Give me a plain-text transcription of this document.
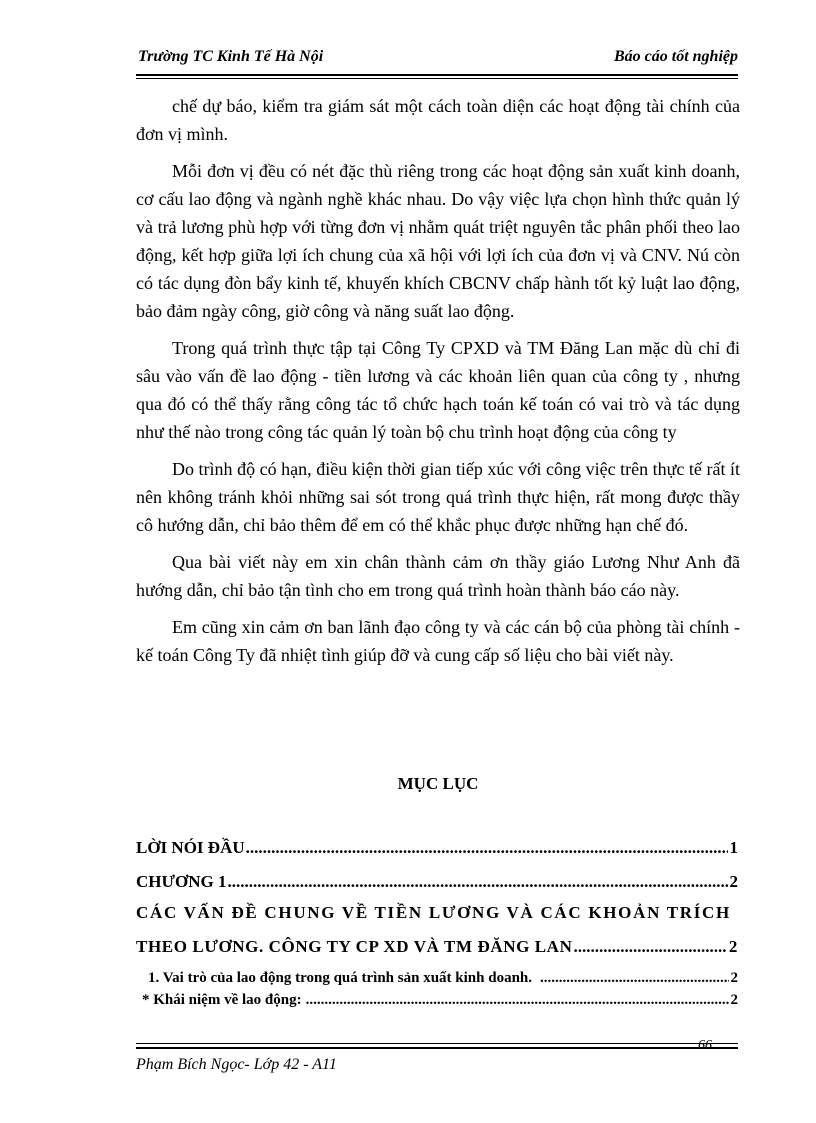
Trường TC Kinh Tế Hà Nội	Báo cáo tốt nghiệp

chế dự báo, kiểm tra giám sát một cách toàn diện các hoạt động tài chính của đơn vị mình.

Mỗi đơn vị đều có nét đặc thù riêng trong các hoạt động sản xuất kinh doanh, cơ cấu lao động và ngành nghề khác nhau. Do vậy việc lựa chọn hình thức quản lý và trả lương phù hợp với từng đơn vị nhằm quát triệt nguyên tắc phân phối theo lao động, kết hợp giữa lợi ích chung của xã hội với lợi ích của đơn vị và CNV. Nú còn có tác dụng đòn bẩy kinh tế, khuyến khích CBCNV chấp hành tốt kỷ luật lao động, bảo đảm ngày công, giờ công và năng suất lao động.

Trong quá trình thực tập tại Công Ty CPXD và TM Đăng Lan mặc dù chỉ đi sâu vào vấn đề lao động - tiền lương và các khoản liên quan của công ty , nhưng qua đó có thể thấy rằng công tác tổ chức hạch toán kế toán có vai trò và tác dụng như thế nào trong công tác quản lý toàn bộ chu trình hoạt động của công ty

Do trình độ có hạn, điều kiện thời gian tiếp xúc với công việc trên thực tế rất ít nên không tránh khỏi những sai sót trong quá trình thực hiện, rất mong được thầy cô hướng dẫn, chỉ bảo thêm để em có thể khắc phục được những hạn chế đó.

Qua bài viết này em xin chân thành cảm ơn thầy giáo Lương Như Anh đã hướng dẫn, chỉ bảo tận tình cho em trong quá trình hoàn thành báo cáo này.

Em cũng xin cảm ơn ban lãnh đạo công ty và các cán bộ của phòng tài chính - kế toán Công Ty đã nhiệt tình giúp đỡ và cung cấp số liệu cho bài viết này.

MỤC LỤC
LỜI NÓI ĐẦU .....	1
CHƯƠNG 1 .....	2
CÁC VẤN ĐỀ CHUNG VỀ TIỀN LƯƠNG VÀ CÁC KHOẢN TRÍCH
THEO LƯƠNG. CÔNG TY CP XD VÀ TM ĐĂNG LAN .....	2
1. Vai trò của lao động trong quá trình sản xuất kinh doanh. .....	2
* Khái niệm về lao động: .....	2
66
Phạm Bích Ngọc- Lớp 42 - A11
